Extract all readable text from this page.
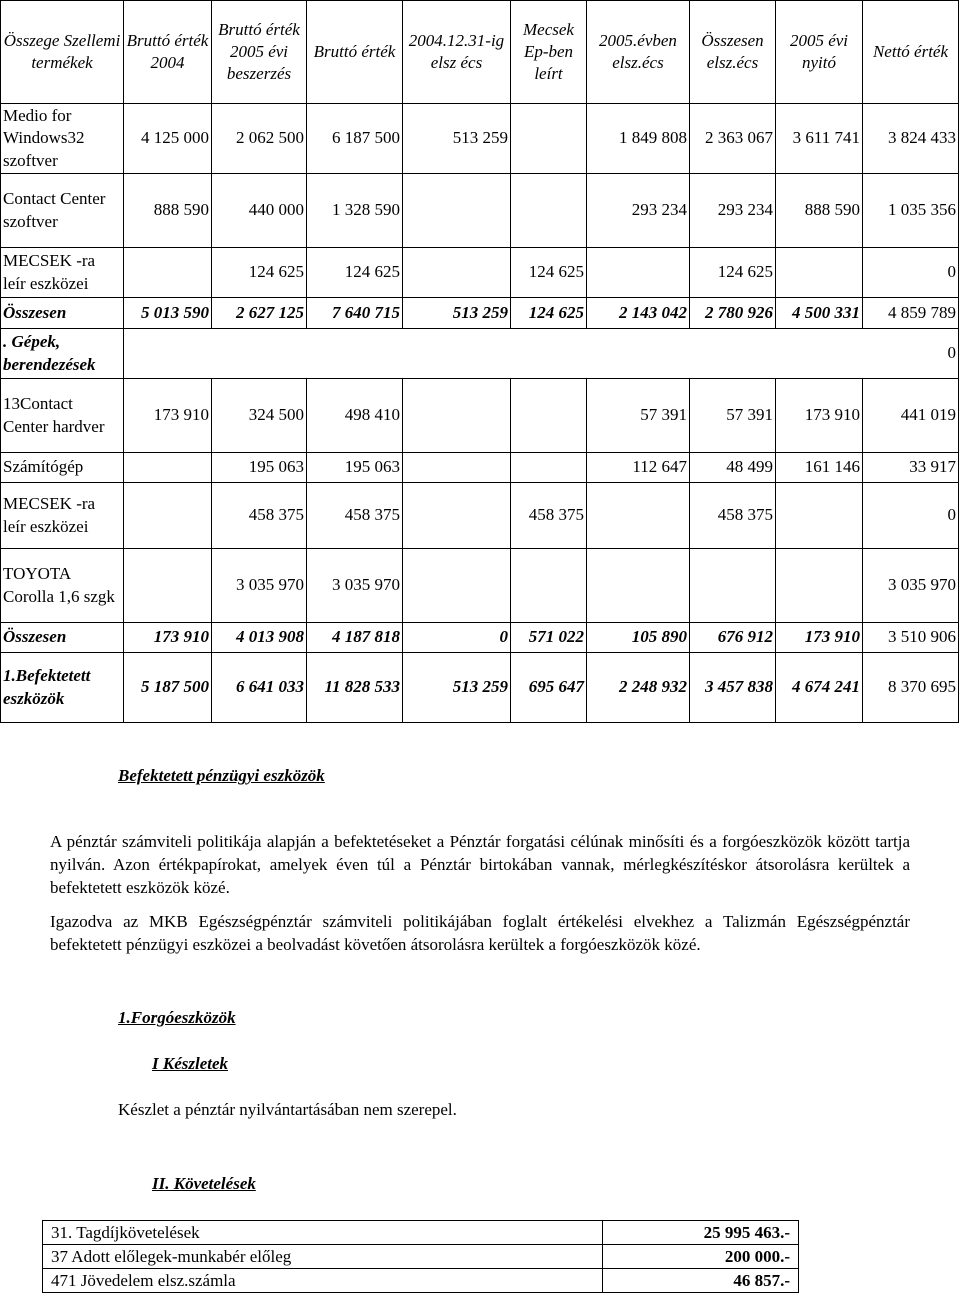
Összege Szellemi termékek	Bruttó érték 2004	Bruttó érték 2005 évi beszerzés	Bruttó érték	2004.12.31-ig elsz écs	Mecsek Ep-ben leírt	2005.évben elsz.écs	Összesen elsz.écs	2005 évi nyitó	Nettó érték
Medio for Windows32 szoftver	4 125 000	2 062 500	6 187 500	513 259		1 849 808	2 363 067	3 611 741	3 824 433
Contact Center szoftver	888 590	440 000	1 328 590			293 234	293 234	888 590	1 035 356
MECSEK -ra leír eszközei		124 625	124 625		124 625		124 625		0
Összesen	5 013 590	2 627 125	7 640 715	513 259	124 625	2 143 042	2 780 926	4 500 331	4 859 789
. Gépek, berendezések	0								
13Contact Center hardver	173 910	324 500	498 410			57 391	57 391	173 910	441 019
Számítógép		195 063	195 063			112 647	48 499	161 146	33 917
MECSEK -ra leír eszközei		458 375	458 375		458 375		458 375		0
TOYOTA Corolla 1,6 szgk		3 035 970	3 035 970						3 035 970
Összesen	173 910	4 013 908	4 187 818	0	571 022	105 890	676 912	173 910	3 510 906
1.Befektetett eszközök	5 187 500	6 641 033	11 828 533	513 259	695 647	2 248 932	3 457 838	4 674 241	8 370 695
Befektetett pénzügyi eszközök

A pénztár számviteli politikája alapján a befektetéseket a Pénztár forgatási célúnak minősíti és a forgóeszközök között tartja nyilván. Azon értékpapírokat, amelyek éven túl a Pénztár birtokában vannak, mérlegkészítéskor átsorolásra kerültek a befektetett eszközök közé.

Igazodva az MKB Egészségpénztár számviteli politikájában foglalt értékelési elvekhez a Talizmán Egészségpénztár befektetett pénzügyi eszközei a beolvadást követően átsorolásra kerültek a forgóeszközök közé.

1.Forgóeszközök
I Készletek
Készlet a pénztár nyilvántartásában nem szerepel.
II. Követelések
31. Tagdíjkövetelések	25 995 463.-
37 Adott előlegek-munkabér előleg	200 000.-
471 Jövedelem elsz.számla	46 857.-
